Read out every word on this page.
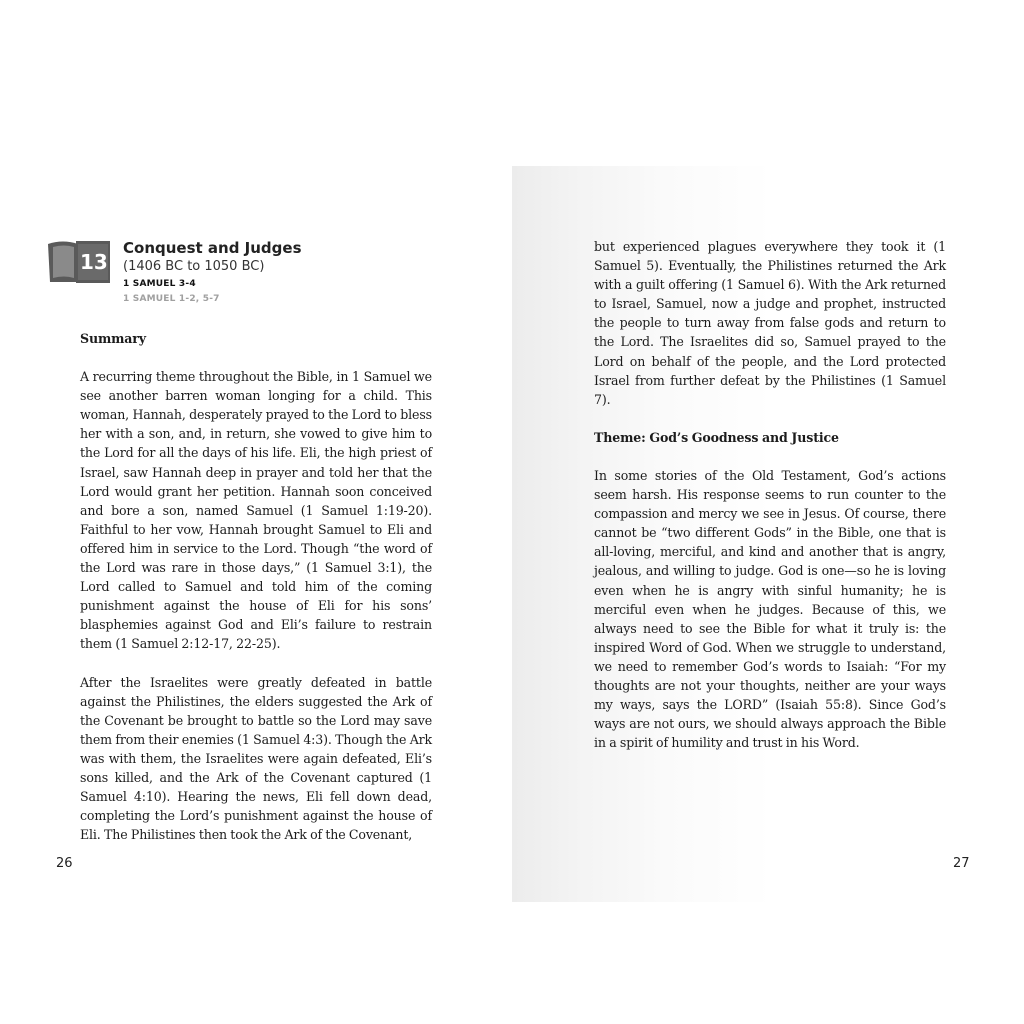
13
Conquest and Judges
(1406 BC to 1050 BC)
1 SAMUEL 3-4
1 SAMUEL 1-2, 5-7
Summary

A recurring theme throughout the Bible, in 1 Samuel we see another barren woman longing for a child. This woman, Hannah, desperately prayed to the Lord to bless her with a son, and, in return, she vowed to give him to the Lord for all the days of his life. Eli, the high priest of Israel, saw Hannah deep in prayer and told her that the Lord would grant her petition. Hannah soon conceived and bore a son, named Samuel (1 Samuel 1:19-20). Faithful to her vow, Hannah brought Samuel to Eli and offered him in service to the Lord. Though “the word of the Lord was rare in those days,” (1 Samuel 3:1), the Lord called to Samuel and told him of the coming punishment against the house of Eli for his sons’ blasphemies against God and Eli’s failure to restrain them (1 Samuel 2:12-17, 22-25).

After the Israelites were greatly defeated in battle against the Philistines, the elders suggested the Ark of the Covenant be brought to battle so the Lord may save them from their enemies (1 Samuel 4:3). Though the Ark was with them, the Israelites were again defeated, Eli’s sons killed, and the Ark of the Covenant captured (1 Samuel 4:10). Hearing the news, Eli fell down dead, completing the Lord’s punishment against the house of Eli. The Philistines then took the Ark of the Covenant,

but experienced plagues everywhere they took it (1 Samuel 5). Eventually, the Philistines returned the Ark with a guilt offering (1 Samuel 6). With the Ark returned to Israel, Samuel, now a judge and prophet, instructed the people to turn away from false gods and return to the Lord. The Israelites did so, Samuel prayed to the Lord on behalf of the people, and the Lord protected Israel from further defeat by the Philistines (1 Samuel 7).

Theme: God’s Goodness and Justice

In some stories of the Old Testament, God’s actions seem harsh. His response seems to run counter to the compassion and mercy we see in Jesus. Of course, there cannot be “two different Gods” in the Bible, one that is all-loving, merciful, and kind and another that is angry, jealous, and willing to judge. God is one—so he is loving even when he is angry with sinful humanity; he is merciful even when he judges. Because of this, we always need to see the Bible for what it truly is: the inspired Word of God. When we struggle to understand, we need to remember God’s words to Isaiah: “For my thoughts are not your thoughts, neither are your ways my ways, says the LORD” (Isaiah 55:8). Since God’s ways are not ours, we should always approach the Bible in a spirit of humility and trust in his Word.

26	27
